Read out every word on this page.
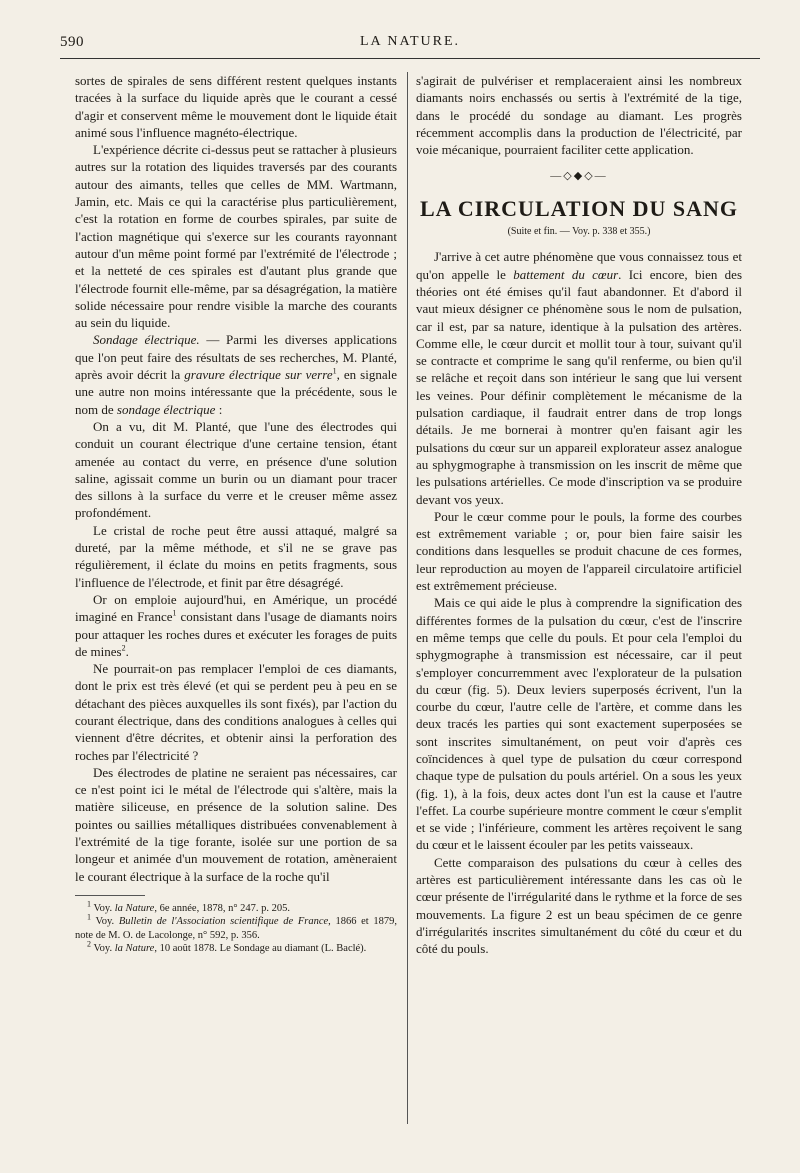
590	LA NATURE.

sortes de spirales de sens différent restent quelques instants tracées à la surface du liquide après que le courant a cessé d'agir et conservent même le mouvement dont le liquide était animé sous l'influence magnéto-électrique.

L'expérience décrite ci-dessus peut se rattacher à plusieurs autres sur la rotation des liquides traversés par des courants autour des aimants, telles que celles de MM. Wartmann, Jamin, etc. Mais ce qui la caractérise plus particulièrement, c'est la rotation en forme de courbes spirales, par suite de l'action magnétique qui s'exerce sur les courants rayonnant autour d'un même point formé par l'extrémité de l'électrode ; et la netteté de ces spirales est d'autant plus grande que l'électrode fournit elle-même, par sa désagrégation, la matière solide nécessaire pour rendre visible la marche des courants au sein du liquide.

Sondage électrique. — Parmi les diverses applications que l'on peut faire des résultats de ses recherches, M. Planté, après avoir décrit la gravure électrique sur verre$^1$, en signale une autre non moins intéressante que la précédente, sous le nom de sondage électrique :

On a vu, dit M. Planté, que l'une des électrodes qui conduit un courant électrique d'une certaine tension, étant amenée au contact du verre, en présence d'une solution saline, agissait comme un burin ou un diamant pour tracer des sillons à la surface du verre et le creuser même assez profondément.

Le cristal de roche peut être aussi attaqué, malgré sa dureté, par la même méthode, et s'il ne se grave pas régulièrement, il éclate du moins en petits fragments, sous l'influence de l'électrode, et finit par être désagrégé.

Or on emploie aujourd'hui, en Amérique, un procédé imaginé en France$^1$ consistant dans l'usage de diamants noirs pour attaquer les roches dures et exécuter les forages de puits de mines$^2$.

Ne pourrait-on pas remplacer l'emploi de ces diamants, dont le prix est très élevé (et qui se perdent peu à peu en se détachant des pièces auxquelles ils sont fixés), par l'action du courant électrique, dans des conditions analogues à celles qui viennent d'être décrites, et obtenir ainsi la perforation des roches par l'électricité ?

Des électrodes de platine ne seraient pas nécessaires, car ce n'est point ici le métal de l'électrode qui s'altère, mais la matière siliceuse, en présence de la solution saline. Des pointes ou saillies métalliques distribuées convenablement à l'extrémité de la tige forante, isolée sur une portion de sa longeur et animée d'un mouvement de rotation, amèneraient le courant électrique à la surface de la roche qu'il

$^1$ Voy. la Nature, 6e année, 1878, n° 247. p. 205.
$^1$ Voy. Bulletin de l'Association scientifique de France, 1866 et 1879, note de M. O. de Lacolonge, n° 592, p. 356.
$^2$ Voy. la Nature, 10 août 1878. Le Sondage au diamant (L. Baclé).

s'agirait de pulvériser et remplaceraient ainsi les nombreux diamants noirs enchassés ou sertis à l'extrémité de la tige, dans le procédé du sondage au diamant. Les progrès récemment accomplis dans la production de l'électricité, par voie mécanique, pourraient faciliter cette application.

—◇◆◇—
LA CIRCULATION DU SANG
(Suite et fin. — Voy. p. 338 et 355.)

J'arrive à cet autre phénomène que vous connaissez tous et qu'on appelle le battement du cœur. Ici encore, bien des théories ont été émises qu'il faut abandonner. Et d'abord il vaut mieux désigner ce phénomène sous le nom de pulsation, car il est, par sa nature, identique à la pulsation des artères. Comme elle, le cœur durcit et mollit tour à tour, suivant qu'il se contracte et comprime le sang qu'il renferme, ou bien qu'il se relâche et reçoit dans son intérieur le sang que lui versent les veines. Pour définir complètement le mécanisme de la pulsation cardiaque, il faudrait entrer dans de trop longs détails. Je me bornerai à montrer qu'en faisant agir les pulsations du cœur sur un appareil explorateur assez analogue au sphygmographe à transmission on les inscrit de même que les pulsations artérielles. Ce mode d'inscription va se produire devant vos yeux.

Pour le cœur comme pour le pouls, la forme des courbes est extrêmement variable ; or, pour bien faire saisir les conditions dans lesquelles se produit chacune de ces formes, leur reproduction au moyen de l'appareil circulatoire artificiel est extrêmement précieuse.

Mais ce qui aide le plus à comprendre la signification des différentes formes de la pulsation du cœur, c'est de l'inscrire en même temps que celle du pouls. Et pour cela l'emploi du sphygmographe à transmission est nécessaire, car il peut s'employer concurremment avec l'explorateur de la pulsation du cœur (fig. 5). Deux leviers superposés écrivent, l'un la courbe du cœur, l'autre celle de l'artère, et comme dans les deux tracés les parties qui sont exactement superposées se sont inscrites simultanément, on peut voir d'après ces coïncidences à quel type de pulsation du cœur correspond chaque type de pulsation du pouls artériel. On a sous les yeux (fig. 1), à la fois, deux actes dont l'un est la cause et l'autre l'effet. La courbe supérieure montre comment le cœur s'emplit et se vide ; l'inférieure, comment les artères reçoivent le sang du cœur et le laissent écouler par les petits vaisseaux.

Cette comparaison des pulsations du cœur à celles des artères est particulièrement intéressante dans les cas où le cœur présente de l'irrégularité dans le rythme et la force de ses mouvements. La figure 2 est un beau spécimen de ce genre d'irrégularités inscrites simultanément du côté du cœur et du côté du pouls.
